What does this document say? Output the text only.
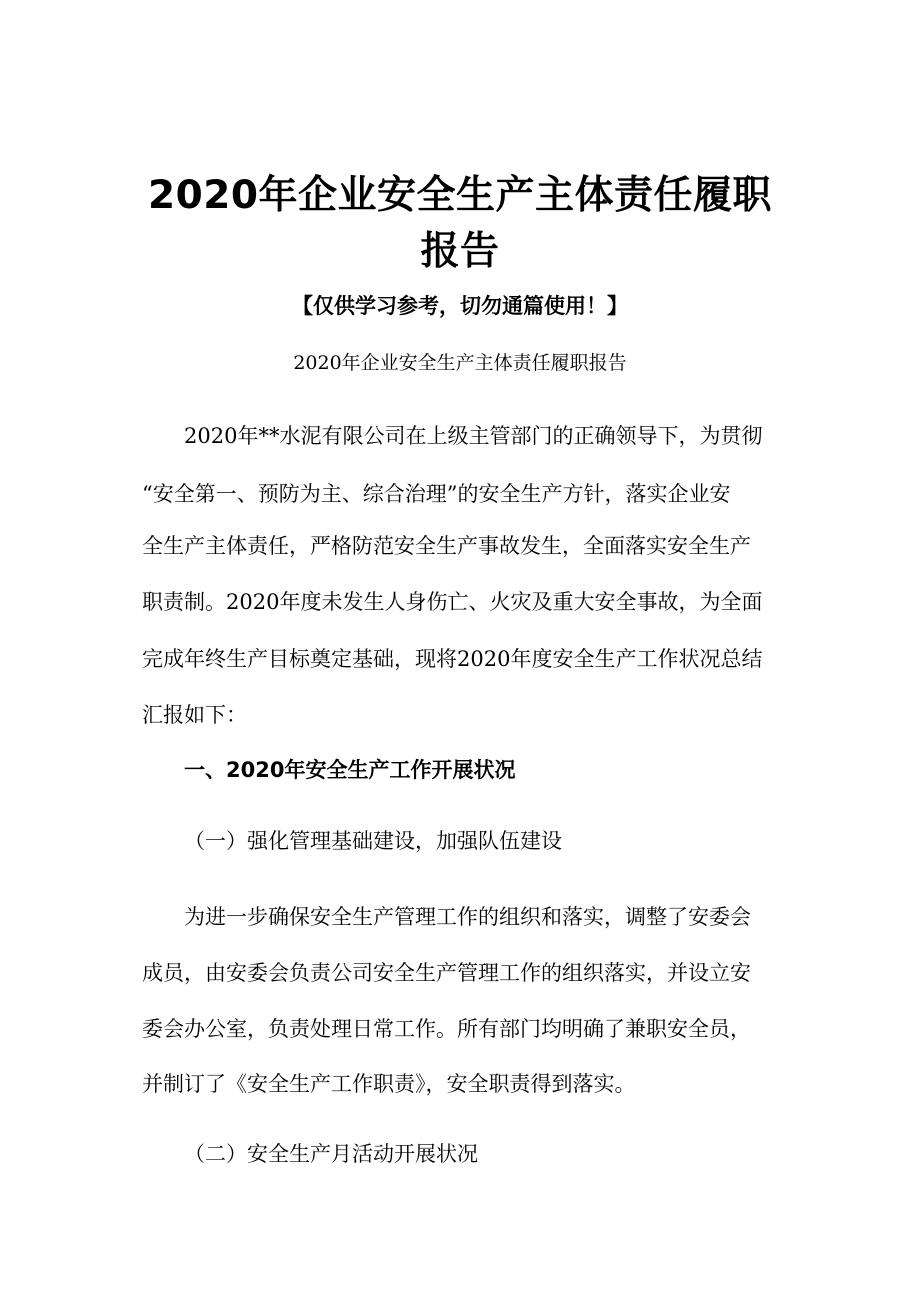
2020年企业安全生产主体责任履职
报告
【仅供学习参考，切勿通篇使用！】
2020年企业安全生产主体责任履职报告
2020年**水泥有限公司在上级主管部门的正确领导下，为贯彻
“安全第一、预防为主、综合治理”的安全生产方针，落实企业安
全生产主体责任，严格防范安全生产事故发生，全面落实安全生产
职责制。2020年度未发生人身伤亡、火灾及重大安全事故，为全面
完成年终生产目标奠定基础，现将2020年度安全生产工作状况总结
汇报如下：
一、2020年安全生产工作开展状况
（一）强化管理基础建设，加强队伍建设
为进一步确保安全生产管理工作的组织和落实，调整了安委会
成员，由安委会负责公司安全生产管理工作的组织落实，并设立安
委会办公室，负责处理日常工作。所有部门均明确了兼职安全员，
并制订了《安全生产工作职责》，安全职责得到落实。
（二）安全生产月活动开展状况
